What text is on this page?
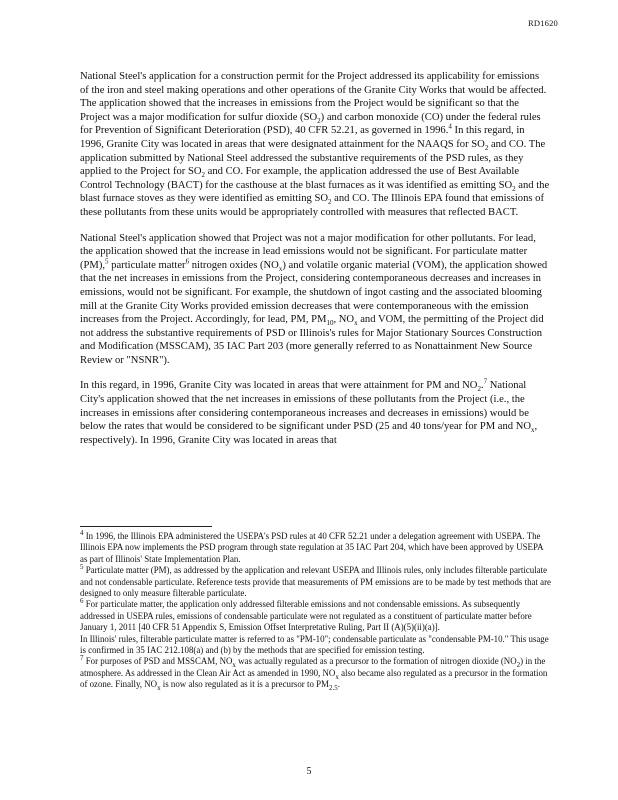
RD1620

National Steel's application for a construction permit for the Project addressed its applicability for emissions of the iron and steel making operations and other operations of the Granite City Works that would be affected. The application showed that the increases in emissions from the Project would be significant so that the Project was a major modification for sulfur dioxide $(SO_2)$ and carbon monoxide (CO) under the federal rules for Prevention of Significant Deterioration (PSD), 40 CFR 52.21, as governed in 1996.$^4$ In this regard, in 1996, Granite City was located in areas that were designated attainment for the NAAQS for $SO_2$ and CO. The application submitted by National Steel addressed the substantive requirements of the PSD rules, as they applied to the Project for $SO_2$ and CO. For example, the application addressed the use of Best Available Control Technology (BACT) for the casthouse at the blast furnaces as it was identified as emitting $SO_2$ and the blast furnace stoves as they were identified as emitting $SO_2$ and CO. The Illinois EPA found that emissions of these pollutants from these units would be appropriately controlled with measures that reflected BACT.

National Steel's application showed that Project was not a major modification for other pollutants. For lead, the application showed that the increase in lead emissions would not be significant. For particulate matter (PM),$^5$ particulate matter$^6$ nitrogen oxides $(NO_x)$ and volatile organic material (VOM), the application showed that the net increases in emissions from the Project, considering contemporaneous decreases and increases in emissions, would not be significant. For example, the shutdown of ingot casting and the associated blooming mill at the Granite City Works provided emission decreases that were contemporaneous with the emission increases from the Project. Accordingly, for lead, PM, $PM_{10}$, $NO_x$ and VOM, the permitting of the Project did not address the substantive requirements of PSD or Illinois's rules for Major Stationary Sources Construction and Modification (MSSCAM), 35 IAC Part 203 (more generally referred to as Nonattainment New Source Review or "NSNR").

In this regard, in 1996, Granite City was located in areas that were attainment for PM and $NO_2.^7$ National City's application showed that the net increases in emissions of these pollutants from the Project (i.e., the increases in emissions after considering contemporaneous increases and decreases in emissions) would be below the rates that would be considered to be significant under PSD (25 and 40 tons/year for PM and $NO_x$, respectively). In 1996, Granite City was located in areas that

$^4$ In 1996, the Illinois EPA administered the USEPA's PSD rules at 40 CFR 52.21 under a delegation agreement with USEPA. The Illinois EPA now implements the PSD program through state regulation at 35 IAC Part 204, which have been approved by USEPA as part of Illinois' State Implementation Plan.

$^5$ Particulate matter (PM), as addressed by the application and relevant USEPA and Illinois rules, only includes filterable particulate and not condensable particulate. Reference tests provide that measurements of PM emissions are to be made by test methods that are designed to only measure filterable particulate.

$^6$ For particulate matter, the application only addressed filterable emissions and not condensable emissions. As subsequently addressed in USEPA rules, emissions of condensable particulate were not regulated as a constituent of particulate matter before January 1, 2011 [40 CFR 51 Appendix S, Emission Offset Interpretative Ruling, Part II (A)(5)(ii)(a)].

In Illinois' rules, filterable particulate matter is referred to as "PM-10"; condensable particulate as "condensable PM-10." This usage is confirmed in 35 IAC 212.108(a) and (b) by the methods that are specified for emission testing.

$^7$ For purposes of PSD and MSSCAM, $NO_x$ was actually regulated as a precursor to the formation of nitrogen dioxide $(NO_2)$ in the atmosphere. As addressed in the Clean Air Act as amended in 1990, $NO_x$ also became also regulated as a precursor in the formation of ozone. Finally, $NO_x$ is now also regulated as it is a precursor to $PM_{2.5}$.

5
